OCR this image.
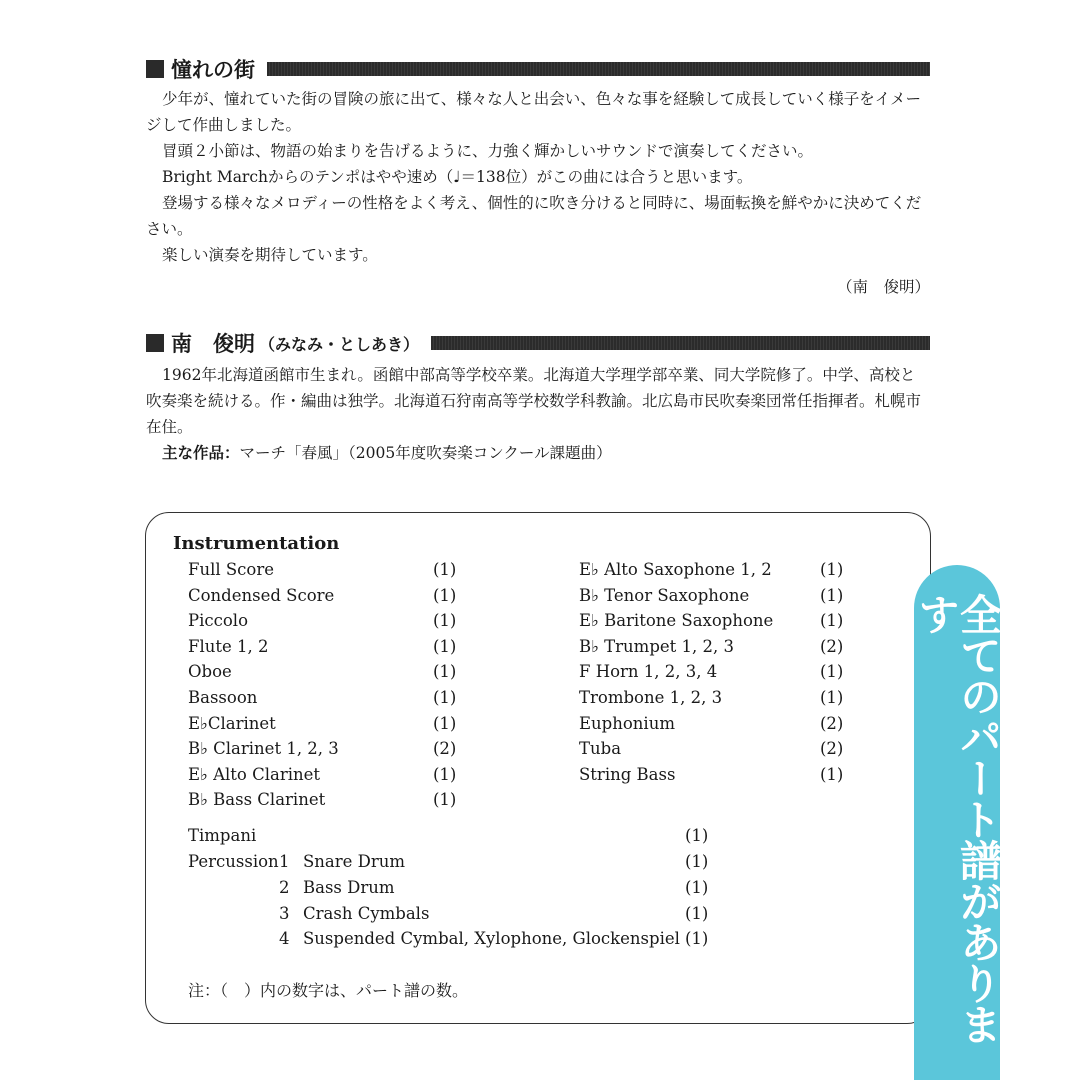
憧れの街

少年が、憧れていた街の冒険の旅に出て、様々な人と出会い、色々な事を経験して成長していく様子をイメージして作曲しました。

冒頭２小節は、物語の始まりを告げるように、力強く輝かしいサウンドで演奏してください。

Bright Marchからのテンポはやや速め（♩＝138位）がこの曲には合うと思います。

登場する様々なメロディーの性格をよく考え、個性的に吹き分けると同時に、場面転換を鮮やかに決めてください。

楽しい演奏を期待しています。

（南　俊明）
南　俊明 （みなみ・としあき）

1962年北海道函館市生まれ。函館中部高等学校卒業。北海道大学理学部卒業、同大学院修了。中学、高校と吹奏楽を続ける。作・編曲は独学。北海道石狩南高等学校数学科教諭。北広島市民吹奏楽団常任指揮者。札幌市在住。

主な作品：マーチ「春風」（2005年度吹奏楽コンクール課題曲）

Instrumentation
Full Score	(1)
Condensed Score	(1)
Piccolo	(1)
Flute 1, 2	(1)
Oboe	(1)
Bassoon	(1)
E♭Clarinet	(1)
B♭ Clarinet 1, 2, 3	(2)
E♭ Alto Clarinet	(1)
B♭ Bass Clarinet	(1)
E♭ Alto Saxophone 1, 2	(1)
B♭ Tenor Saxophone	(1)
E♭ Baritone Saxophone	(1)
B♭ Trumpet 1, 2, 3	(2)
F Horn 1, 2, 3, 4	(1)
Trombone 1, 2, 3	(1)
Euphonium	(2)
Tuba	(2)
String Bass	(1)
Timpani	(1)
Percussion 1 Snare Drum	(1)
2 Bass Drum	(1)
3 Crash Cymbals	(1)
4 Suspended Cymbal, Xylophone, Glockenspiel (1)
注：（　）内の数字は、パート譜の数。	全てのパート譜があります
